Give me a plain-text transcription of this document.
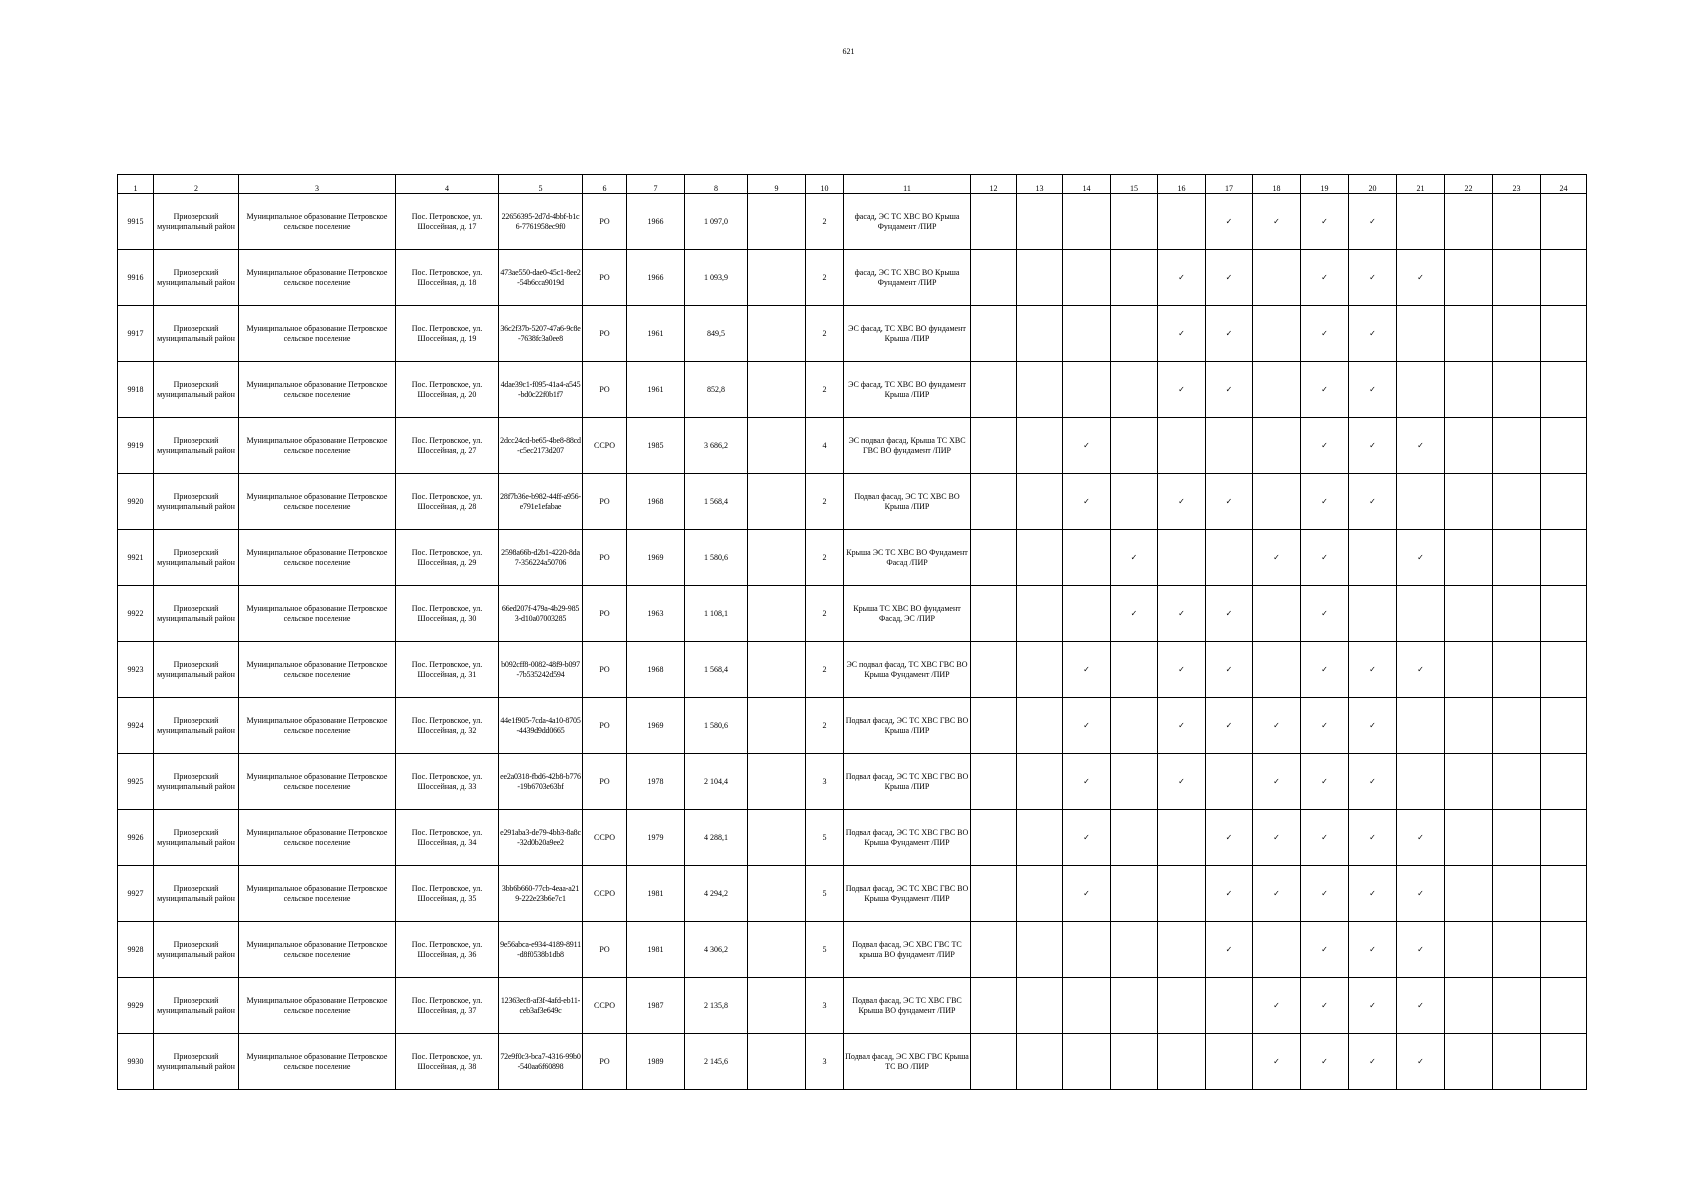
621
1	2	3	4	5	6	7	8	9	10	11	12	13	14	15	16	17	18	19	20	21	22	23	24
9915	Приозерский муниципальный район	Муниципальное образование Петровское сельское поселение	Пос. Петровское, ул. Шоссейная, д. 17	22656395-2d7d-4bbf-b1c6-7761958ec9f0	РО	1966	1 097,0		2	фасад, ЭС ТС ХВС ВО Крыша Фундамент /ПИР						✓	✓	✓	✓				
9916	Приозерский муниципальный район	Муниципальное образование Петровское сельское поселение	Пос. Петровское, ул. Шоссейная, д. 18	473ae550-dae0-45c1-8ee2-54b6cca9019d	РО	1966	1 093,9		2	фасад, ЭС ТС ХВС ВО Крыша Фундамент /ПИР					✓	✓		✓	✓	✓			
9917	Приозерский муниципальный район	Муниципальное образование Петровское сельское поселение	Пос. Петровское, ул. Шоссейная, д. 19	36c2f37b-5207-47a6-9c8e-7638fc3a0ee8	РО	1961	849,5		2	ЭС фасад, ТС ХВС ВО фундамент Крыша /ПИР					✓	✓		✓	✓				
9918	Приозерский муниципальный район	Муниципальное образование Петровское сельское поселение	Пос. Петровское, ул. Шоссейная, д. 20	4dae39c1-f095-41a4-a545-bd0c22f0b1f7	РО	1961	852,8		2	ЭС фасад, ТС ХВС ВО фундамент Крыша /ПИР					✓	✓		✓	✓				
9919	Приозерский муниципальный район	Муниципальное образование Петровское сельское поселение	Пос. Петровское, ул. Шоссейная, д. 27	2dcc24cd-be65-4be8-88cd-c5ec2173d207	ССРО	1985	3 686,2		4	ЭС подвал фасад, Крыша ТС ХВС ГВС ВО фундамент /ПИР			✓					✓	✓	✓			
9920	Приозерский муниципальный район	Муниципальное образование Петровское сельское поселение	Пос. Петровское, ул. Шоссейная, д. 28	28f7b36e-b982-44ff-a956-e791e1efabae	РО	1968	1 568,4		2	Подвал фасад, ЭС ТС ХВС ВО Крыша /ПИР			✓		✓	✓		✓	✓				
9921	Приозерский муниципальный район	Муниципальное образование Петровское сельское поселение	Пос. Петровское, ул. Шоссейная, д. 29	2598a66b-d2b1-4220-8da7-356224a50706	РО	1969	1 580,6		2	Крыша ЭС ТС ХВС ВО Фундамент Фасад /ПИР				✓			✓	✓		✓			
9922	Приозерский муниципальный район	Муниципальное образование Петровское сельское поселение	Пос. Петровское, ул. Шоссейная, д. 30	66ed207f-479a-4b29-9853-d10a07003285	РО	1963	1 108,1		2	Крыша ТС ХВС ВО фундамент Фасад, ЭС /ПИР				✓	✓	✓		✓					
9923	Приозерский муниципальный район	Муниципальное образование Петровское сельское поселение	Пос. Петровское, ул. Шоссейная, д. 31	b092cff8-0082-48f9-b097-7b535242d594	РО	1968	1 568,4		2	ЭС подвал фасад, ТС ХВС ГВС ВО Крыша Фундамент /ПИР			✓		✓	✓		✓	✓	✓			
9924	Приозерский муниципальный район	Муниципальное образование Петровское сельское поселение	Пос. Петровское, ул. Шоссейная, д. 32	44e1f905-7cda-4a10-8705-4439d9dd0665	РО	1969	1 580,6		2	Подвал фасад, ЭС ТС ХВС ГВС ВО Крыша /ПИР			✓		✓	✓	✓	✓	✓				
9925	Приозерский муниципальный район	Муниципальное образование Петровское сельское поселение	Пос. Петровское, ул. Шоссейная, д. 33	ee2a0318-fbd6-42b8-b776-19b6703e63bf	РО	1978	2 104,4		3	Подвал фасад, ЭС ТС ХВС ГВС ВО Крыша /ПИР			✓		✓		✓	✓	✓				
9926	Приозерский муниципальный район	Муниципальное образование Петровское сельское поселение	Пос. Петровское, ул. Шоссейная, д. 34	e291aba3-de79-4bb3-8a8c-32d0b20a9ee2	ССРО	1979	4 288,1		5	Подвал фасад, ЭС ТС ХВС ГВС ВО Крыша Фундамент /ПИР			✓			✓	✓	✓	✓	✓			
9927	Приозерский муниципальный район	Муниципальное образование Петровское сельское поселение	Пос. Петровское, ул. Шоссейная, д. 35	3bb6b660-77cb-4eaa-a219-222e23b6e7c1	ССРО	1981	4 294,2		5	Подвал фасад, ЭС ТС ХВС ГВС ВО Крыша Фундамент /ПИР			✓			✓	✓	✓	✓	✓			
9928	Приозерский муниципальный район	Муниципальное образование Петровское сельское поселение	Пос. Петровское, ул. Шоссейная, д. 36	9e56abca-e934-4189-8911-d8f0538b1db8	РО	1981	4 306,2		5	Подвал фасад, ЭС ХВС ГВС ТС крыша ВО фундамент /ПИР						✓		✓	✓	✓			
9929	Приозерский муниципальный район	Муниципальное образование Петровское сельское поселение	Пос. Петровское, ул. Шоссейная, д. 37	12363ec8-af3f-4afd-eb11-ceb3af3e649c	ССРО	1987	2 135,8		3	Подвал фасад, ЭС ТС ХВС ГВС Крыша ВО фундамент /ПИР							✓	✓	✓	✓			
9930	Приозерский муниципальный район	Муниципальное образование Петровское сельское поселение	Пос. Петровское, ул. Шоссейная, д. 38	72e9f0c3-bca7-4316-99b0-540aa6f60898	РО	1989	2 145,6		3	Подвал фасад, ЭС ХВС ГВС Крыша ТС ВО /ПИР							✓	✓	✓	✓			
